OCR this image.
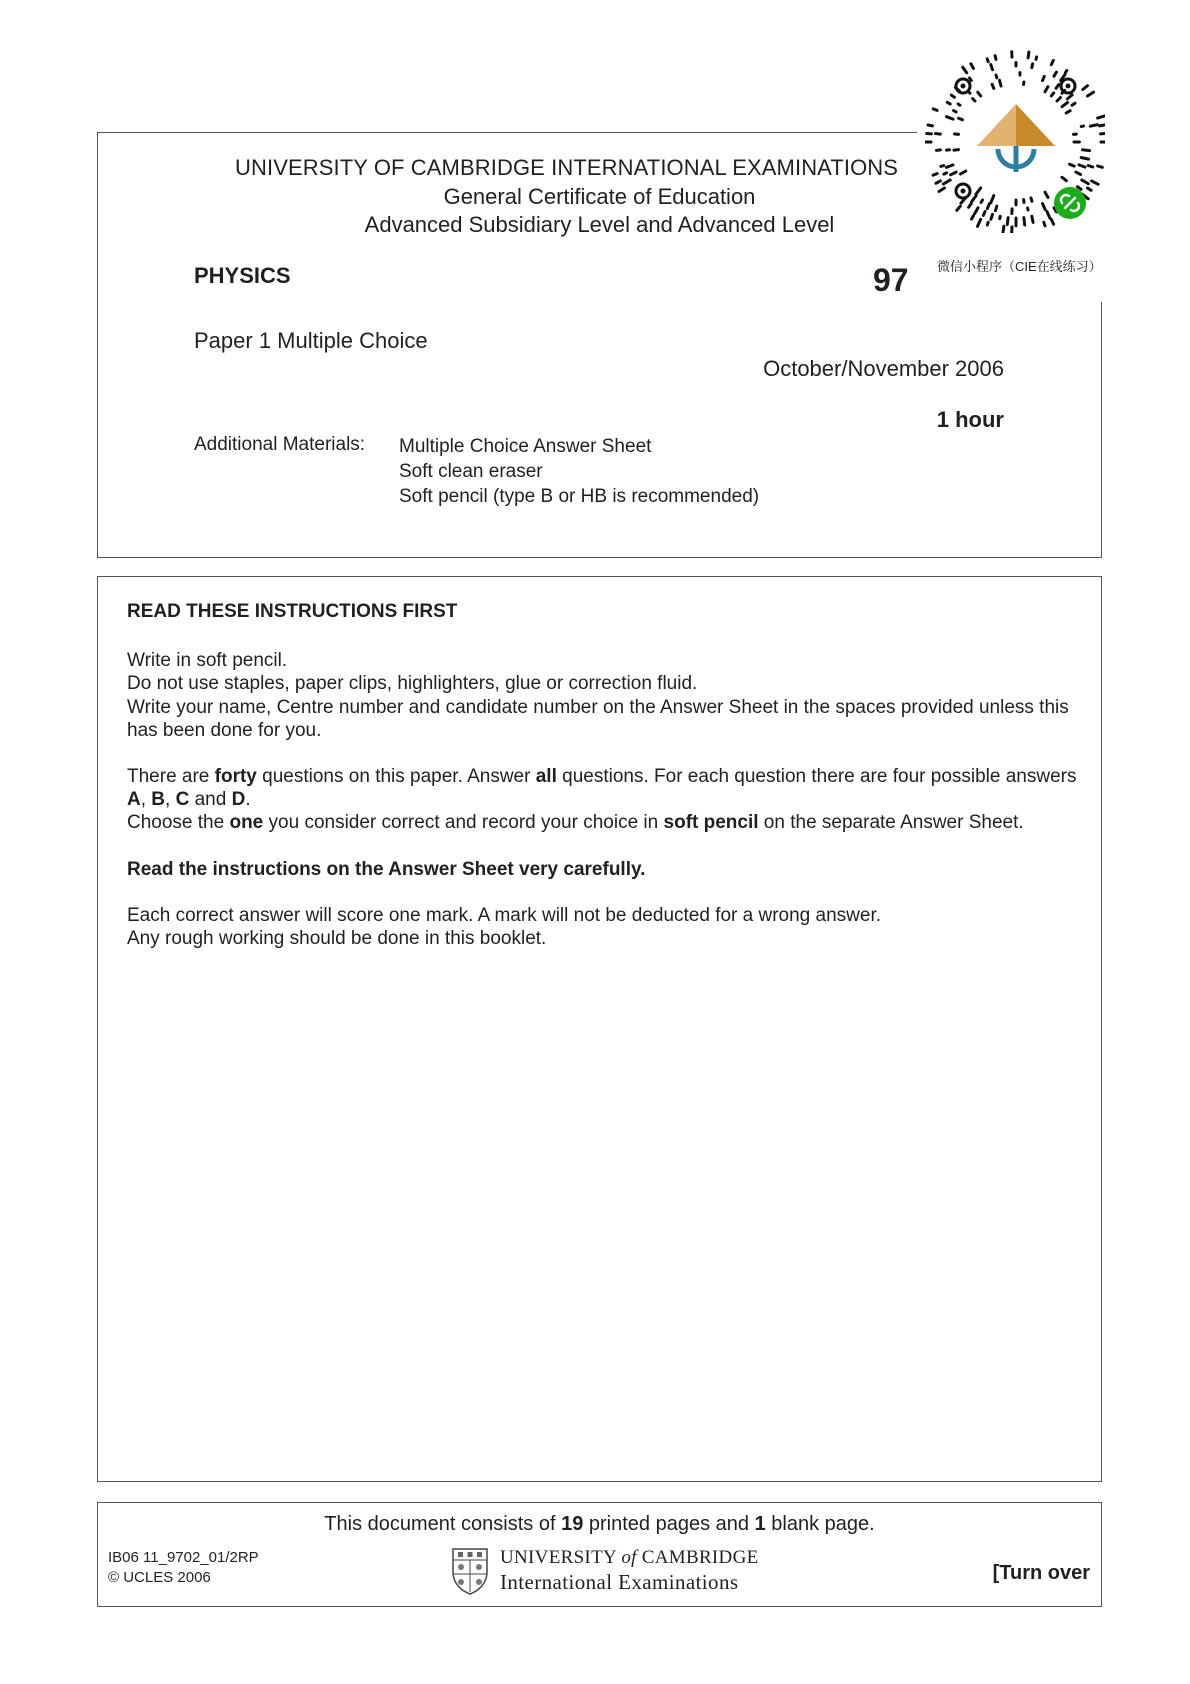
UNIVERSITY OF CAMBRIDGE INTERNATIONAL EXAMINATIONS
General Certificate of Education
Advanced Subsidiary Level and Advanced Level
PHYSICS	97
Paper 1 Multiple Choice
October/November 2006
1 hour
Additional Materials: Multiple Choice Answer Sheet
Soft clean eraser
Soft pencil (type B or HB is recommended)
微信小程序（CIE在线练习）

READ THESE INSTRUCTIONS FIRST

Write in soft pencil.
Do not use staples, paper clips, highlighters, glue or correction fluid.
Write your name, Centre number and candidate number on the Answer Sheet in the spaces provided unless this has been done for you.

There are forty questions on this paper. Answer all questions. For each question there are four possible answers A, B, C and D.
Choose the one you consider correct and record your choice in soft pencil on the separate Answer Sheet.

Read the instructions on the Answer Sheet very carefully.

Each correct answer will score one mark. A mark will not be deducted for a wrong answer.
Any rough working should be done in this booklet.

This document consists of 19 printed pages and 1 blank page.
IB06 11_9702_01/2RP
© UCLES 2006
UNIVERSITY of CAMBRIDGE
International Examinations	[Turn over
